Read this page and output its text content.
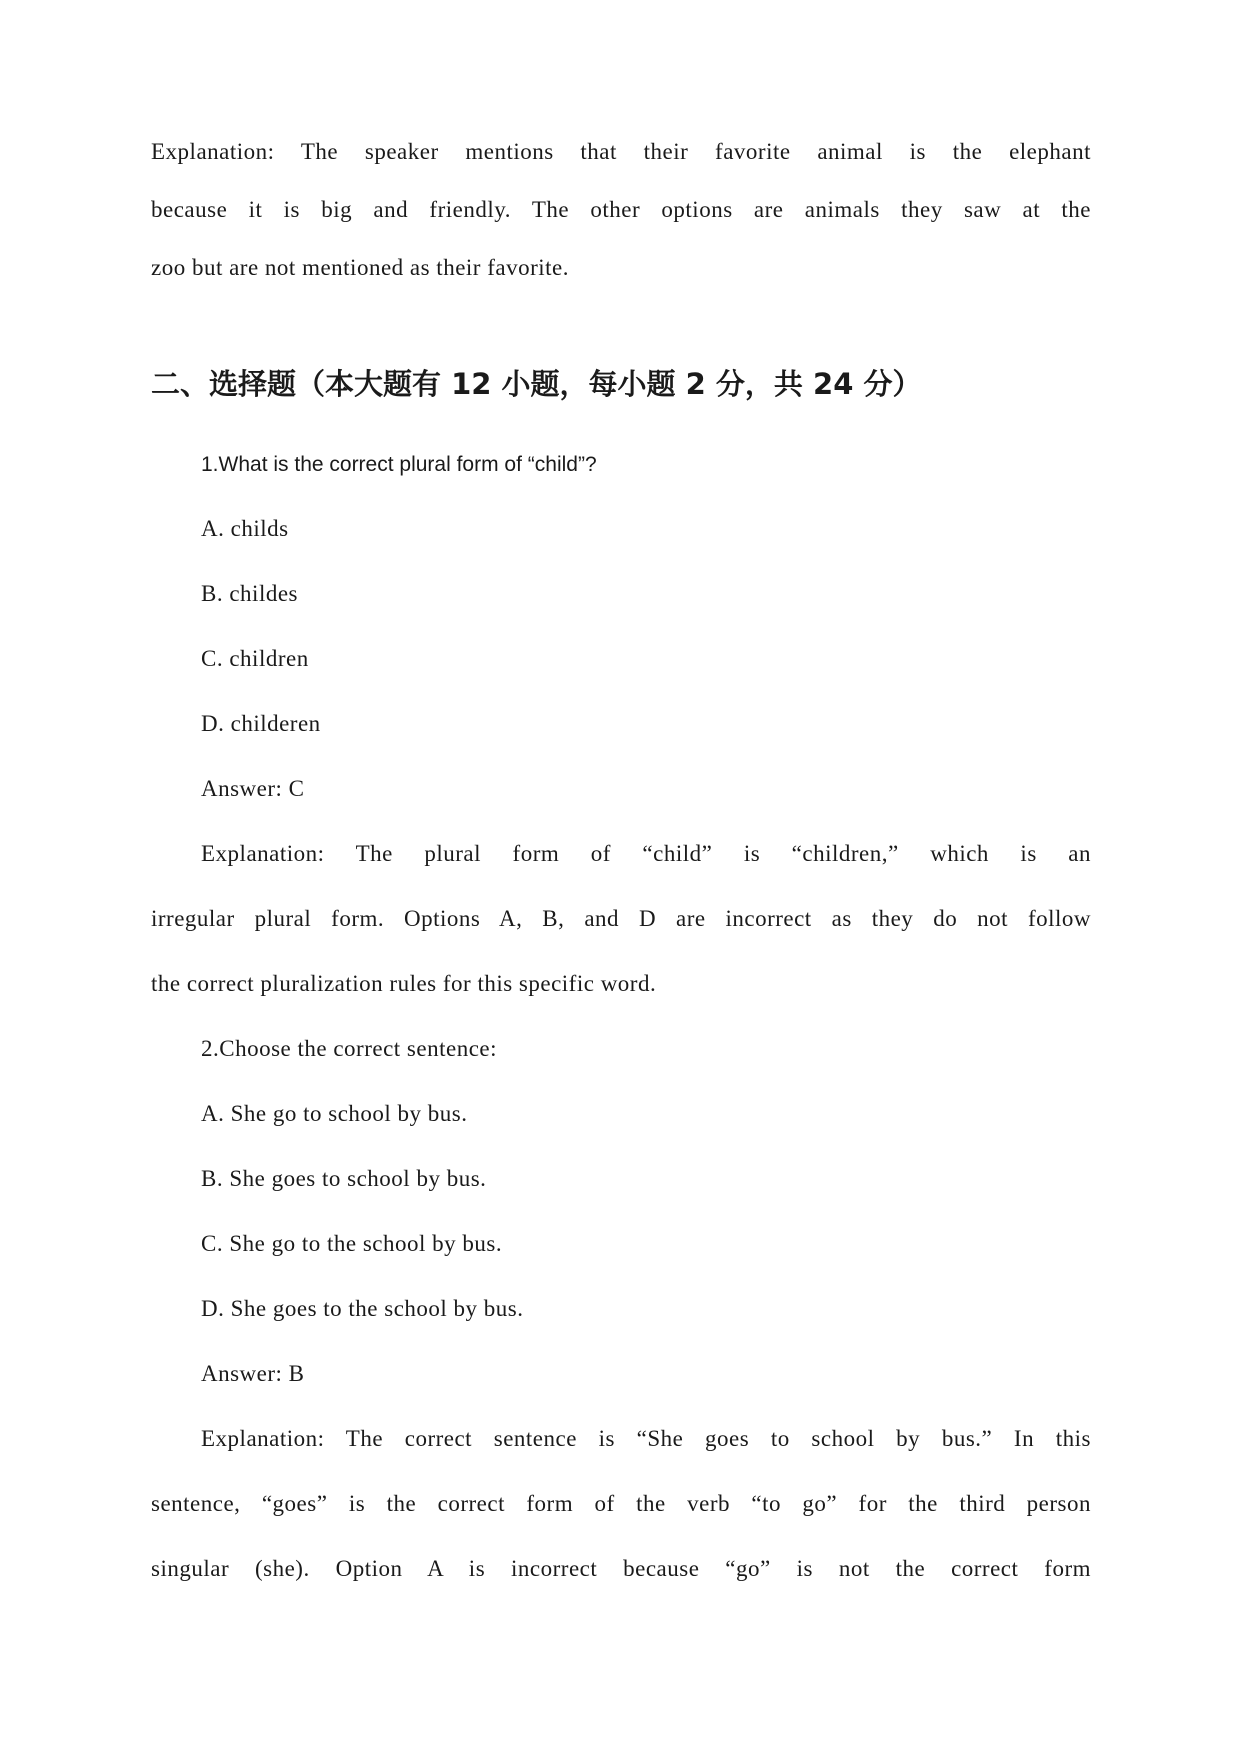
Explanation: The speaker mentions that their favorite animal is the elephant
because it is big and friendly. The other options are animals they saw at the
zoo but are not mentioned as their favorite.
二、选择题（本大题有 12 小题，每小题 2 分，共 24 分）
1.What is the correct plural form of “child”?
A. childs
B. childes
C. children
D. childeren
Answer: C
Explanation: The plural form of “child” is “children,” which is an
irregular plural form. Options A, B, and D are incorrect as they do not follow
the correct pluralization rules for this specific word.
2.Choose the correct sentence:
A. She go to school by bus.
B. She goes to school by bus.
C. She go to the school by bus.
D. She goes to the school by bus.
Answer: B
Explanation: The correct sentence is “She goes to school by bus.” In this
sentence, “goes” is the correct form of the verb “to go” for the third person
singular (she). Option A is incorrect because “go” is not the correct form
